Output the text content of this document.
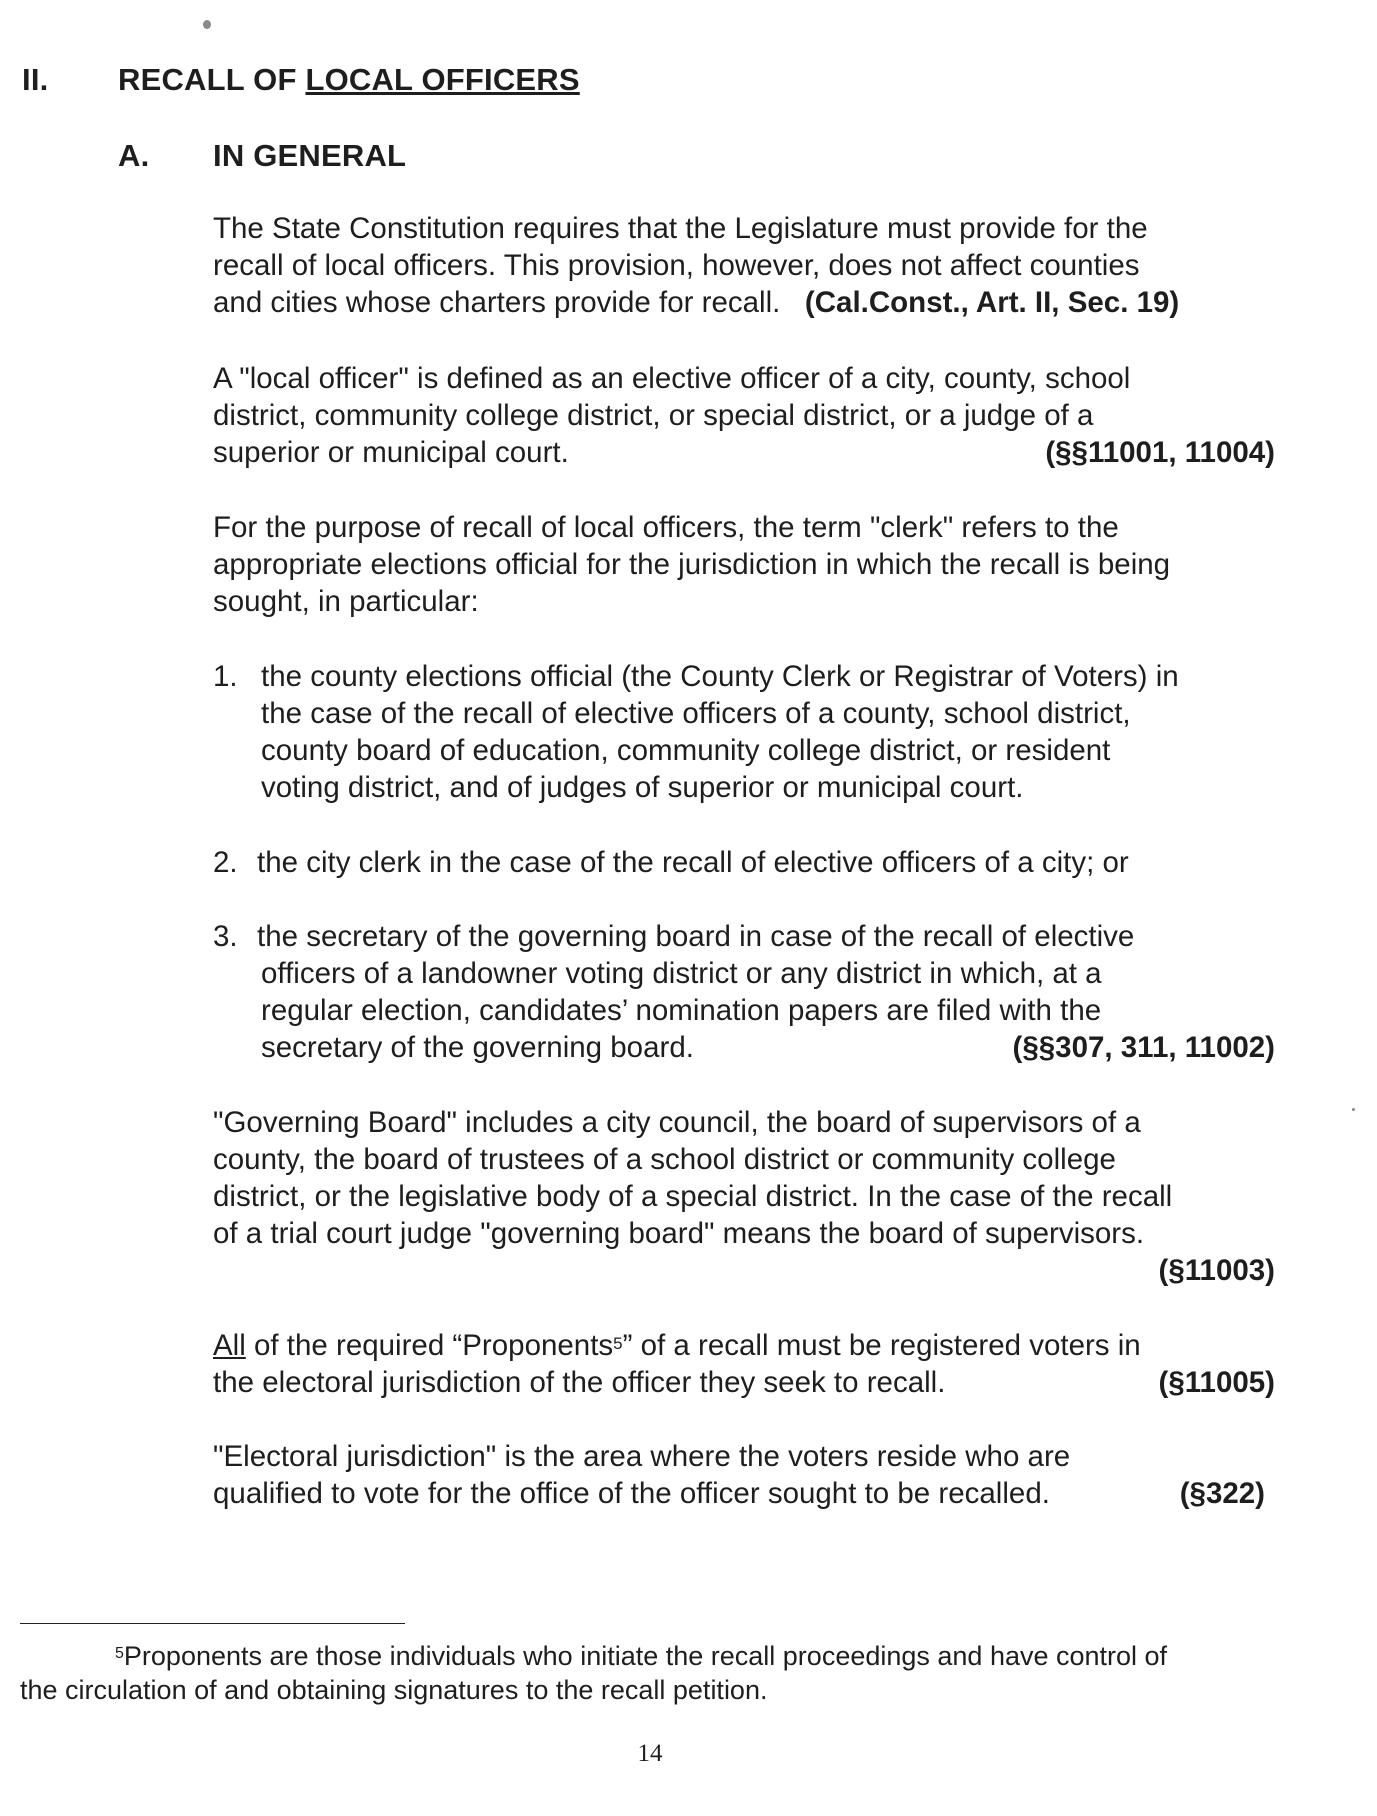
II. RECALL OF LOCAL OFFICERS
A. IN GENERAL
The State Constitution requires that the Legislature must provide for the
recall of local officers. This provision, however, does not affect counties
and cities whose charters provide for recall. (Cal.Const., Art. II, Sec. 19)
A "local officer" is defined as an elective officer of a city, county, school
district, community college district, or special district, or a judge of a
superior or municipal court.	(§§11001, 11004)
For the purpose of recall of local officers, the term "clerk" refers to the
appropriate elections official for the jurisdiction in which the recall is being
sought, in particular:
1. the county elections official (the County Clerk or Registrar of Voters) in
the case of the recall of elective officers of a county, school district,
county board of education, community college district, or resident
voting district, and of judges of superior or municipal court.
2. the city clerk in the case of the recall of elective officers of a city; or
3. the secretary of the governing board in case of the recall of elective
officers of a landowner voting district or any district in which, at a
regular election, candidates’ nomination papers are filed with the
secretary of the governing board.	(§§307, 311, 11002)
"Governing Board" includes a city council, the board of supervisors of a
county, the board of trustees of a school district or community college
district, or the legislative body of a special district. In the case of the recall
of a trial court judge "governing board" means the board of supervisors.
(§11003)
All of the required “Proponents$^5$” of a recall must be registered voters in
the electoral jurisdiction of the officer they seek to recall.	(§11005)
"Electoral jurisdiction" is the area where the voters reside who are
qualified to vote for the office of the officer sought to be recalled.	(§322)
$^5$Proponents are those individuals who initiate the recall proceedings and have control of
the circulation of and obtaining signatures to the recall petition.
14
